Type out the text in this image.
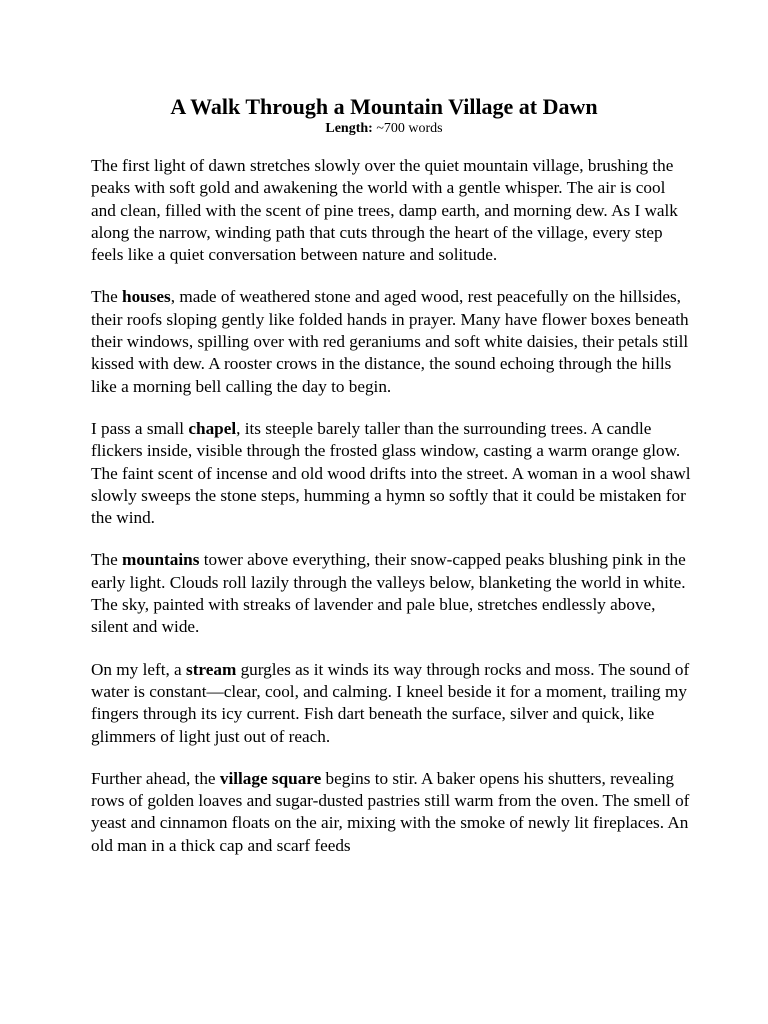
A Walk Through a Mountain Village at Dawn
Length: ~700 words

The first light of dawn stretches slowly over the quiet mountain village, brushing the peaks with soft gold and awakening the world with a gentle whisper. The air is cool and clean, filled with the scent of pine trees, damp earth, and morning dew. As I walk along the narrow, winding path that cuts through the heart of the village, every step feels like a quiet conversation between nature and solitude.

The houses, made of weathered stone and aged wood, rest peacefully on the hillsides, their roofs sloping gently like folded hands in prayer. Many have flower boxes beneath their windows, spilling over with red geraniums and soft white daisies, their petals still kissed with dew. A rooster crows in the distance, the sound echoing through the hills like a morning bell calling the day to begin.

I pass a small chapel, its steeple barely taller than the surrounding trees. A candle flickers inside, visible through the frosted glass window, casting a warm orange glow. The faint scent of incense and old wood drifts into the street. A woman in a wool shawl slowly sweeps the stone steps, humming a hymn so softly that it could be mistaken for the wind.

The mountains tower above everything, their snow-capped peaks blushing pink in the early light. Clouds roll lazily through the valleys below, blanketing the world in white. The sky, painted with streaks of lavender and pale blue, stretches endlessly above, silent and wide.

On my left, a stream gurgles as it winds its way through rocks and moss. The sound of water is constant—clear, cool, and calming. I kneel beside it for a moment, trailing my fingers through its icy current. Fish dart beneath the surface, silver and quick, like glimmers of light just out of reach.

Further ahead, the village square begins to stir. A baker opens his shutters, revealing rows of golden loaves and sugar-dusted pastries still warm from the oven. The smell of yeast and cinnamon floats on the air, mixing with the smoke of newly lit fireplaces. An old man in a thick cap and scarf feeds
